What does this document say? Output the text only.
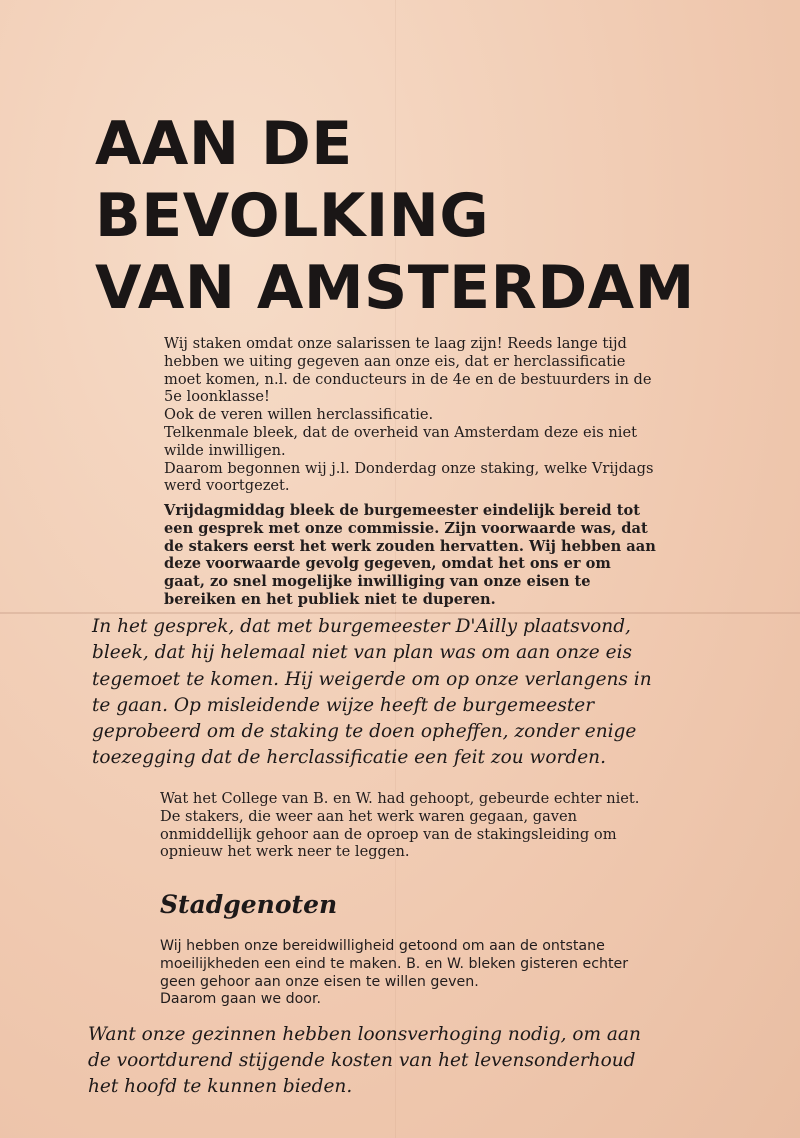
AAN DE
BEVOLKING
VAN AMSTERDAM

Wij staken omdat onze salarissen te laag zijn! Reeds lange tijd hebben we uiting gegeven aan onze eis, dat er herclassificatie moet komen, n.l. de conducteurs in de 4e en de bestuurders in de 5e loonklasse!

Ook de veren willen herclassificatie.

Telkenmale bleek, dat de overheid van Amsterdam deze eis niet wilde inwilligen.

Daarom begonnen wij j.l. Donderdag onze staking, welke Vrijdags werd voortgezet.

Vrijdagmiddag bleek de burgemeester eindelijk bereid tot een gesprek met onze commissie. Zijn voorwaarde was, dat de stakers eerst het werk zouden hervatten. Wij hebben aan deze voorwaarde gevolg gegeven, omdat het ons er om gaat, zo snel mogelijke inwilliging van onze eisen te bereiken en het publiek niet te duperen.

In het gesprek, dat met burgemeester D'Ailly plaatsvond, bleek, dat hij helemaal niet van plan was om aan onze eis tegemoet te komen. Hij weigerde om op onze verlangens in te gaan. Op misleidende wijze heeft de burgemeester geprobeerd om de staking te doen opheffen, zonder enige toezegging dat de herclassificatie een feit zou worden.

Wat het College van B. en W. had gehoopt, gebeurde echter niet.

De stakers, die weer aan het werk waren gegaan, gaven onmiddellijk gehoor aan de oproep van de stakingsleiding om opnieuw het werk neer te leggen.

Stadgenoten

Wij hebben onze bereidwilligheid getoond om aan de ontstane moeilijkheden een eind te maken. B. en W. bleken gisteren echter geen gehoor aan onze eisen te willen geven.

Daarom gaan we door.

Want onze gezinnen hebben loonsverhoging nodig, om aan de voortdurend stijgende kosten van het levensonderhoud het hoofd te kunnen bieden.
